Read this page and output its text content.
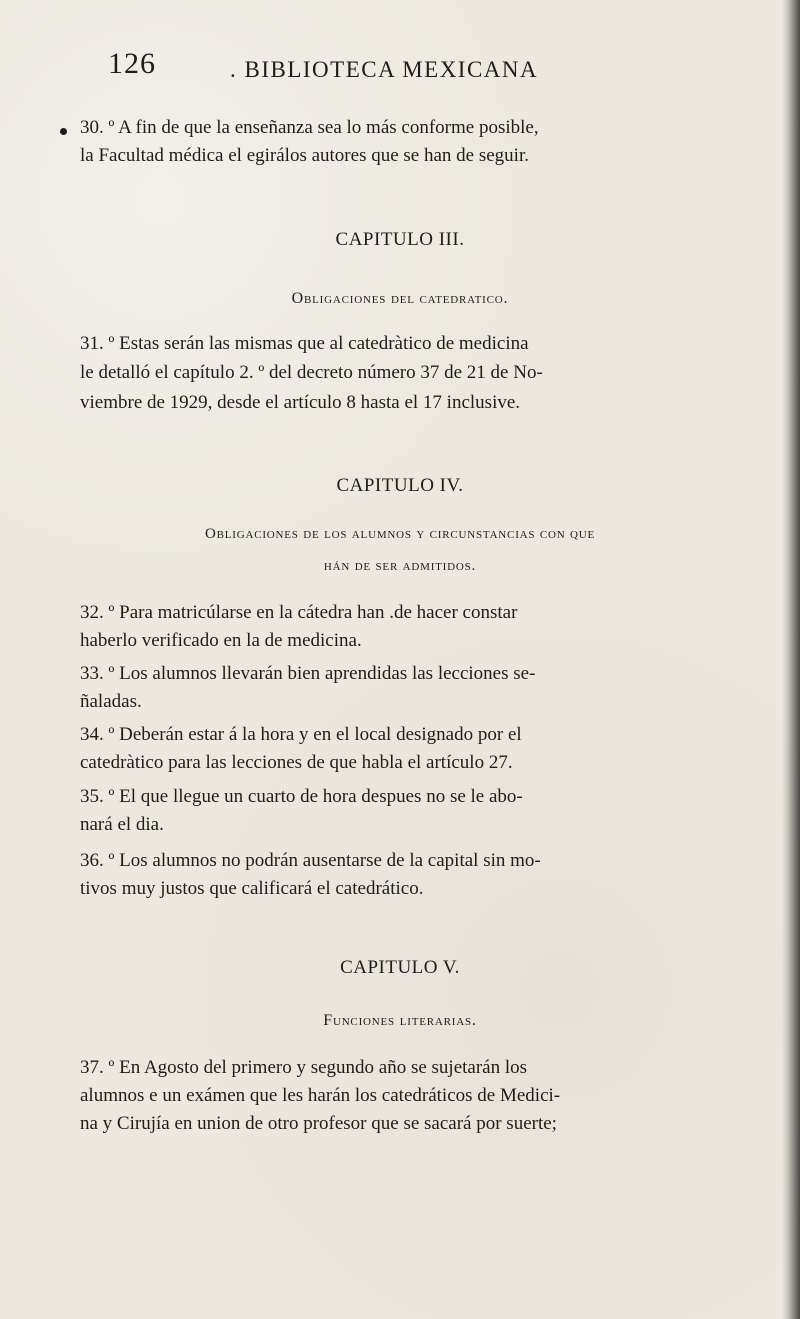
126	. BIBLIOTECA MEXICANA
30. º A fin de que la enseñanza sea lo más conforme posible,
la Facultad médica el egirálos autores que se han de seguir.
CAPITULO III.
Obligaciones del catedratico.
31. º Estas serán las mismas que al catedràtico de medicina
le detalló el capítulo 2. º del decreto número 37 de 21 de No-
viembre de 1929, desde el artículo 8 hasta el 17 inclusive.
CAPITULO IV.
Obligaciones de los alumnos y circunstancias con que
hán de ser admitidos.
32. º Para matricúlarse en la cátedra han .de hacer constar
haberlo verificado en la de medicina.
33. º Los alumnos llevarán bien aprendidas las lecciones se-
ñaladas.
34. º Deberán estar á la hora y en el local designado por el
catedràtico para las lecciones de que habla el artículo 27.
35. º El que llegue un cuarto de hora despues no se le abo-
nará el dia.
36. º Los alumnos no podrán ausentarse de la capital sin mo-
tivos muy justos que calificará el catedrático.
CAPITULO V.
Funciones literarias.
37. º En Agosto del primero y segundo año se sujetarán los
alumnos e un exámen que les harán los catedráticos de Medici-
na y Cirujía en union de otro profesor que se sacará por suerte;
